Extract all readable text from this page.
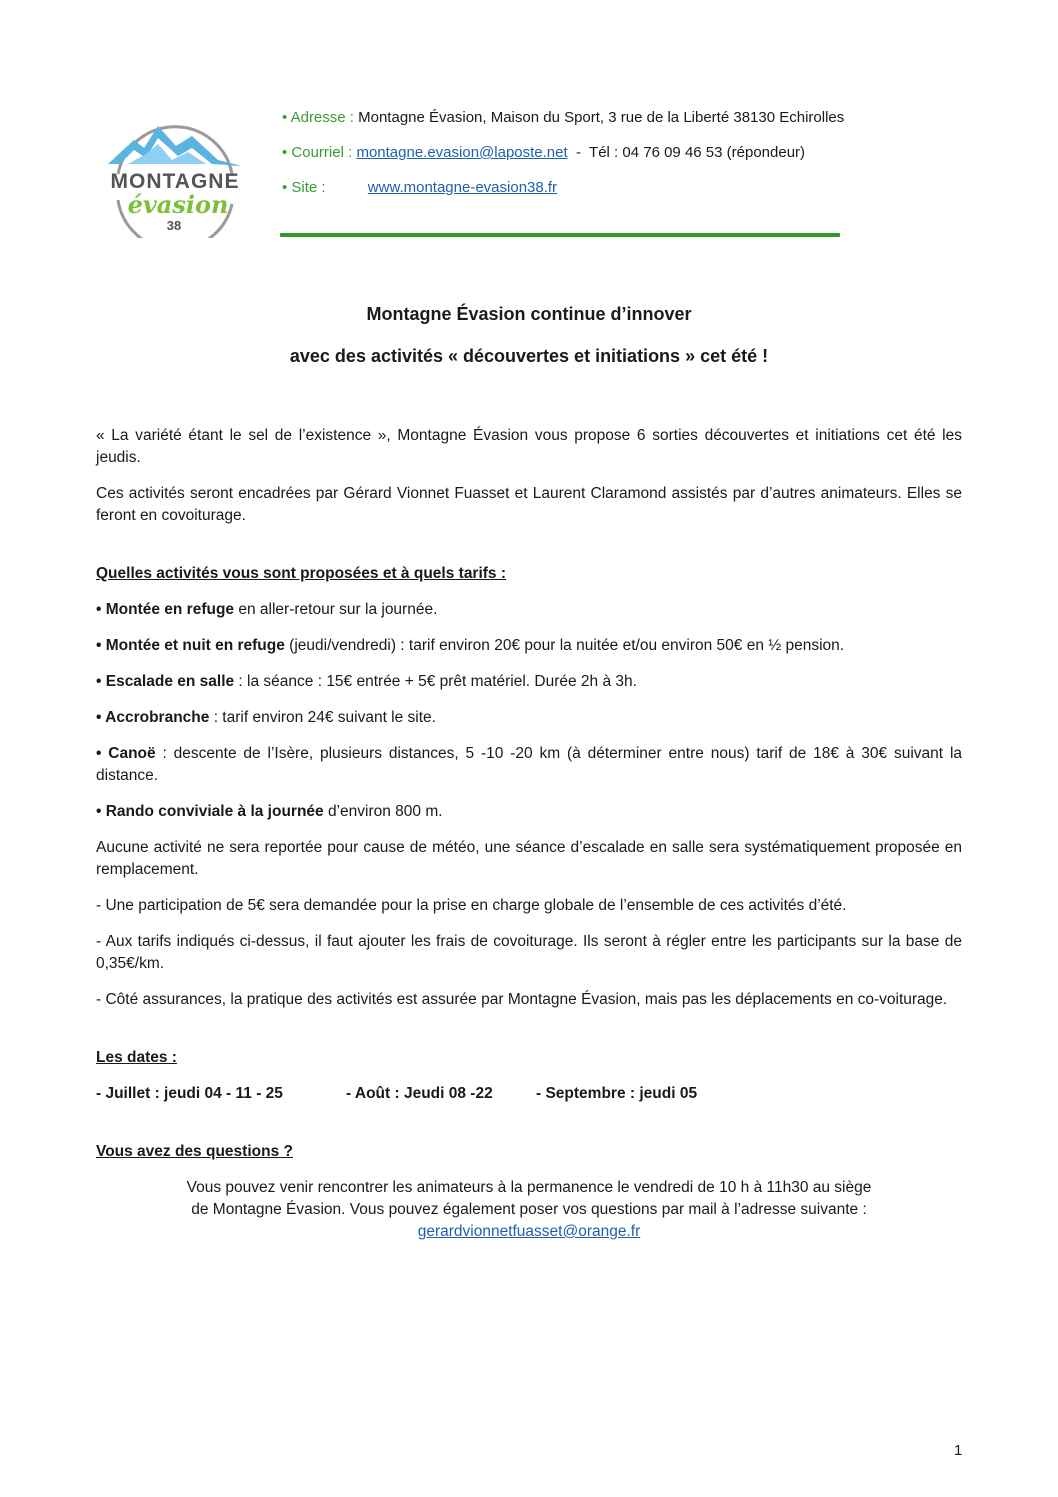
MONTAGNE
évasion
38
• Adresse : Montagne Évasion, Maison du Sport, 3 rue de la Liberté 38130 Echirolles
• Courriel : montagne.evasion@laposte.net  -  Tél : 04 76 09 46 53 (répondeur)
• Site :	www.montagne-evasion38.fr
Montagne Évasion continue d’innover
avec des activités « découvertes et initiations » cet été !

« La variété étant le sel de l’existence », Montagne Évasion vous propose 6 sorties découvertes et initiations cet été les jeudis.

Ces activités seront encadrées par Gérard Vionnet Fuasset et Laurent Claramond assistés par d’autres animateurs. Elles se feront en covoiturage.

Quelles activités vous sont proposées et à quels tarifs :

• Montée en refuge en aller-retour sur la journée.

• Montée et nuit en refuge (jeudi/vendredi) : tarif environ 20€ pour la nuitée et/ou environ 50€ en ½ pension.

• Escalade en salle : la séance : 15€ entrée + 5€ prêt matériel. Durée 2h à 3h.

• Accrobranche : tarif environ 24€ suivant le site.

• Canoë : descente de l’Isère, plusieurs distances, 5 -10 -20 km (à déterminer entre nous) tarif de 18€ à 30€ suivant la distance.

• Rando conviviale à la journée d’environ 800 m.

Aucune activité ne sera reportée pour cause de météo, une séance d’escalade en salle sera systématiquement proposée en remplacement.

- Une participation de 5€ sera demandée pour la prise en charge globale de l’ensemble de ces activités d’été.

- Aux tarifs indiqués ci-dessus, il faut ajouter les frais de covoiturage. Ils seront à régler entre les participants sur la base de 0,35€/km.

- Côté assurances, la pratique des activités est assurée par Montagne Évasion, mais pas les déplacements en co-voiturage.

Les dates :

- Juillet : jeudi 04 - 11 - 25	- Août : Jeudi 08 -22	- Septembre : jeudi 05

Vous avez des questions ?

Vous pouvez venir rencontrer les animateurs à la permanence le vendredi de 10 h à 11h30 au siège

de Montagne Évasion. Vous pouvez également poser vos questions par mail à l’adresse suivante :

gerardvionnetfuasset@orange.fr

1
